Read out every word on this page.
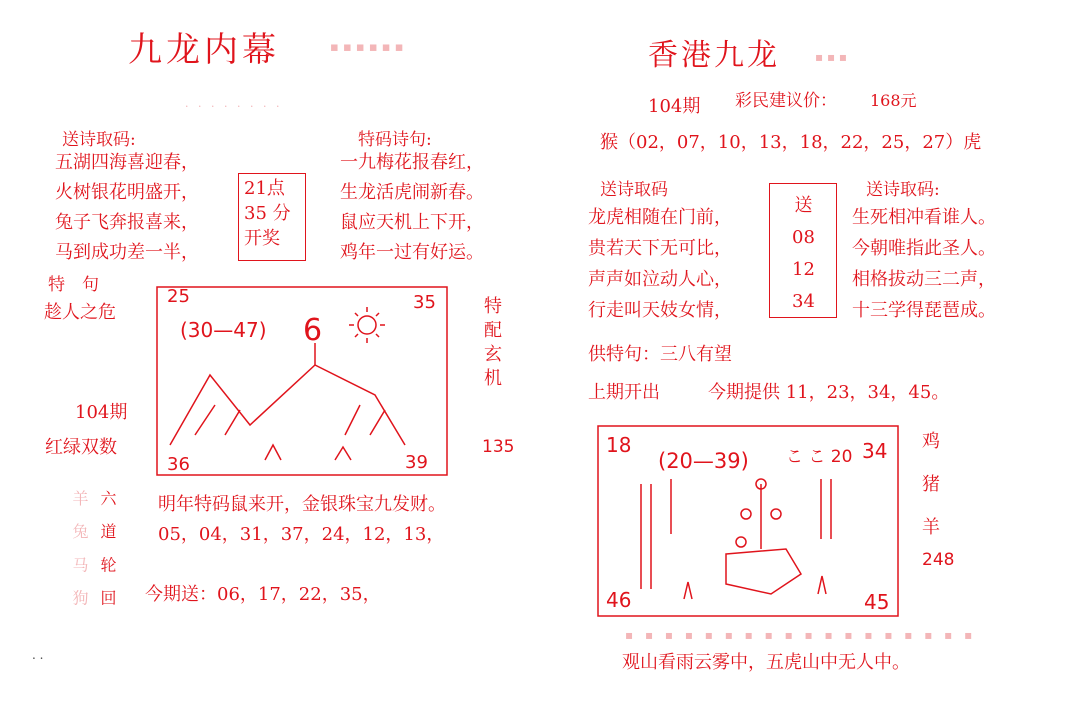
九龙内幕	▪ ▪ ▪ ▪ ▪ ▪
· · · · · · · ·
送诗取码:
五湖四海喜迎春，
火树银花明盛开，
兔子飞奔报喜来，
马到成功差一半，
21点
35 分
开奖
特码诗句:
一九梅花报春红，
生龙活虎闹新春。
鼠应天机上下开，
鸡年一过有好运。
特　句
趁人之危
104期
红绿双数
25	35
36	39
(30—47) 6	特配玄机
135
羊 兔 马 狗 六 道 轮 回 明年特码鼠来开，金银珠宝九发财。
05，04，31，37，24，12，13，
今期送：06，17，22，35，
香港九龙	▪ ▪ ▪
104期 彩民建议价： 168元
猴（02，07，10，13，18，22，25，27）虎
送诗取码
龙虎相随在门前，
贵若天下无可比，
声声如泣动人心，
行走叫天妓女情，
送
08
12
34
送诗取码:
生死相冲看谁人。
今朝唯指此圣人。
相格拔动三二声，
十三学得琵琶成。
供特句：三八有望
上期开出	今期提供 11，23，34，45。
18	34
46	45
(20—39) こ こ 20
鸡
猪
羊
248
▪ ▪ ▪ ▪ ▪ ▪ ▪ ▪ ▪ ▪ ▪ ▪ ▪ ▪ ▪ ▪ ▪ ▪
观山看雨云雾中，五虎山中无人中。
. .
